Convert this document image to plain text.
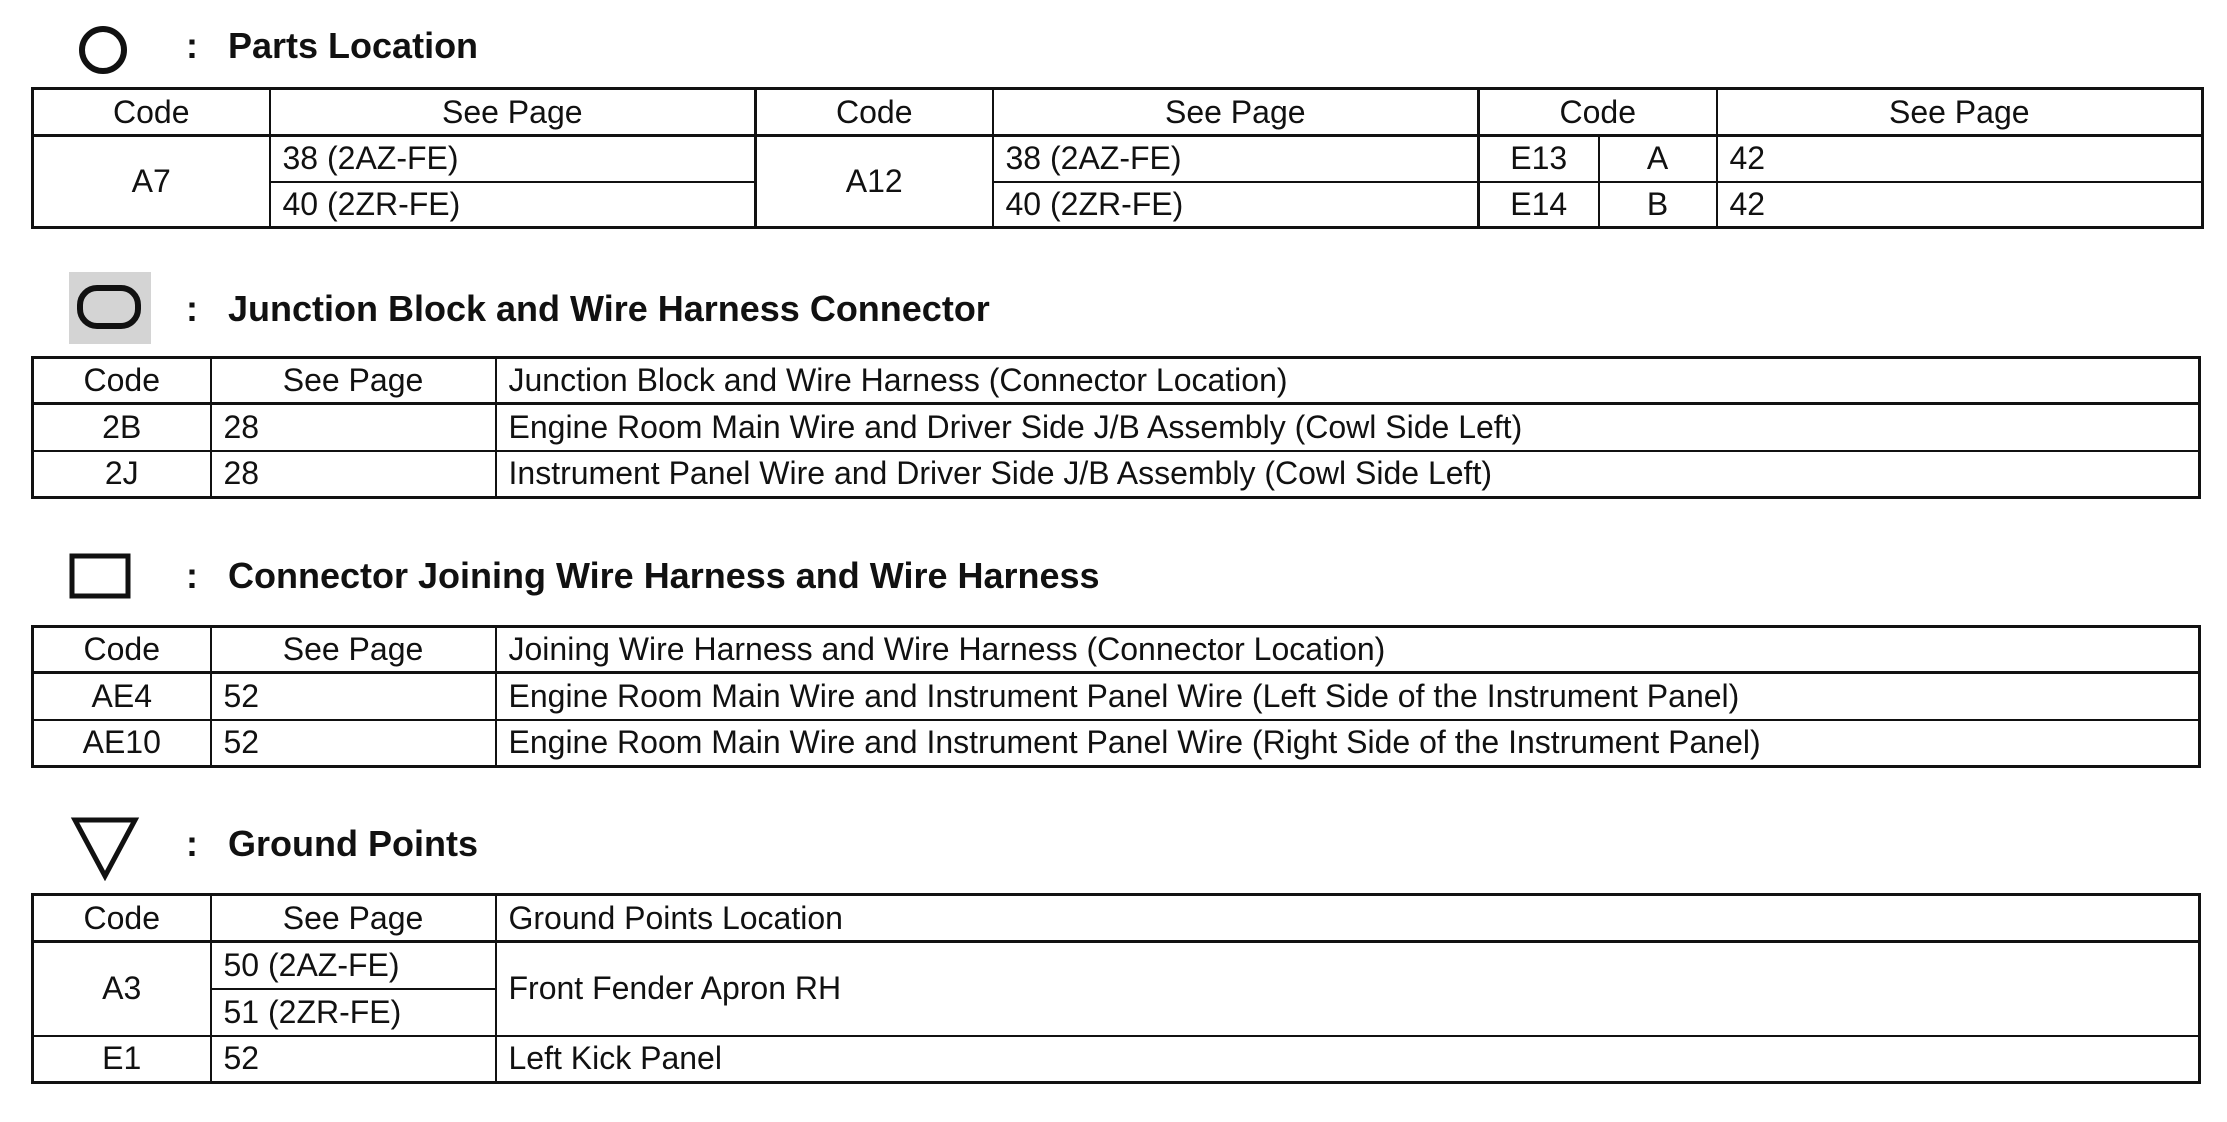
: Parts Location
Code	See Page	Code	See Page	Code		See Page
A7	38 (2AZ-FE)	A12	38 (2AZ-FE)	E13	A	42
	40 (2ZR-FE)		40 (2ZR-FE)	E14	B	42
: Junction Block and Wire Harness Connector
Code	See Page	Junction Block and Wire Harness (Connector Location)
2B	28	Engine Room Main Wire and Driver Side J/B Assembly (Cowl Side Left)
2J	28	Instrument Panel Wire and Driver Side J/B Assembly (Cowl Side Left)
: Connector Joining Wire Harness and Wire Harness
Code	See Page	Joining Wire Harness and Wire Harness (Connector Location)
AE4	52	Engine Room Main Wire and Instrument Panel Wire (Left Side of the Instrument Panel)
AE10	52	Engine Room Main Wire and Instrument Panel Wire (Right Side of the Instrument Panel)
: Ground Points
Code	See Page	Ground Points Location
A3	50 (2AZ-FE)	Front Fender Apron RH
	51 (2ZR-FE)	
E1	52	Left Kick Panel
